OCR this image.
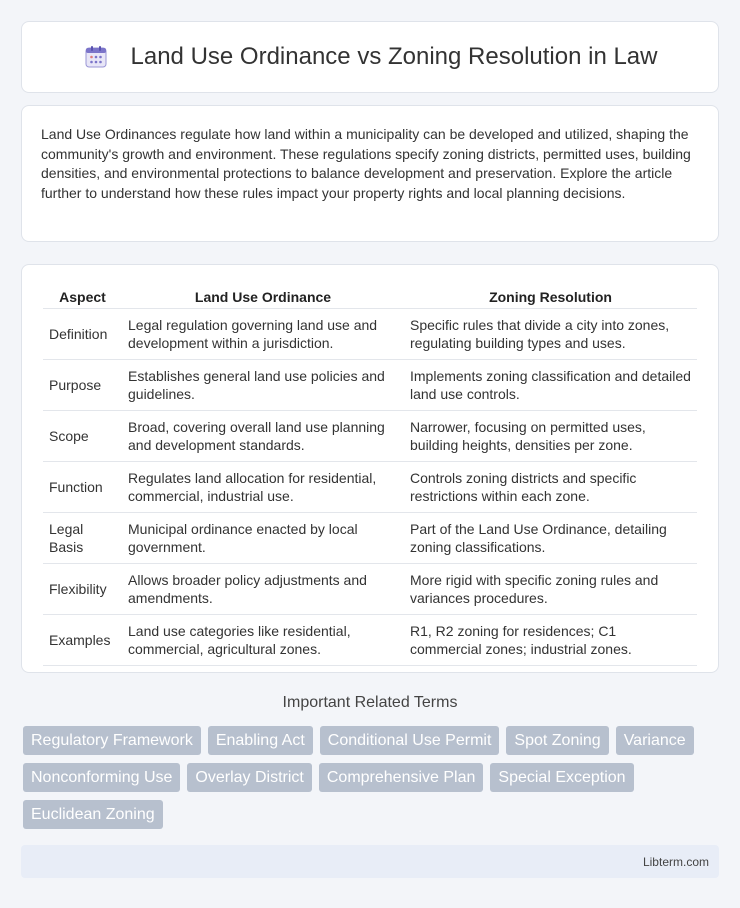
Land Use Ordinance vs Zoning Resolution in Law

Land Use Ordinances regulate how land within a municipality can be developed and utilized, shaping the community's growth and environment. These regulations specify zoning districts, permitted uses, building densities, and environmental protections to balance development and preservation. Explore the article further to understand how these rules impact your property rights and local planning decisions.

Aspect	Land Use Ordinance	Zoning Resolution
Definition	Legal regulation governing land use and development within a jurisdiction.	Specific rules that divide a city into zones, regulating building types and uses.
Purpose	Establishes general land use policies and guidelines.	Implements zoning classification and detailed land use controls.
Scope	Broad, covering overall land use planning and development standards.	Narrower, focusing on permitted uses, building heights, densities per zone.
Function	Regulates land allocation for residential, commercial, industrial use.	Controls zoning districts and specific restrictions within each zone.
Legal Basis	Municipal ordinance enacted by local government.	Part of the Land Use Ordinance, detailing zoning classifications.
Flexibility	Allows broader policy adjustments and amendments.	More rigid with specific zoning rules and variances procedures.
Examples	Land use categories like residential, commercial, agricultural zones.	R1, R2 zoning for residences; C1 commercial zones; industrial zones.
Important Related Terms
Regulatory Framework	Enabling Act	Conditional Use Permit	Spot Zoning	Variance
Nonconforming Use	Overlay District	Comprehensive Plan	Special Exception
Euclidean Zoning
Libterm.com
